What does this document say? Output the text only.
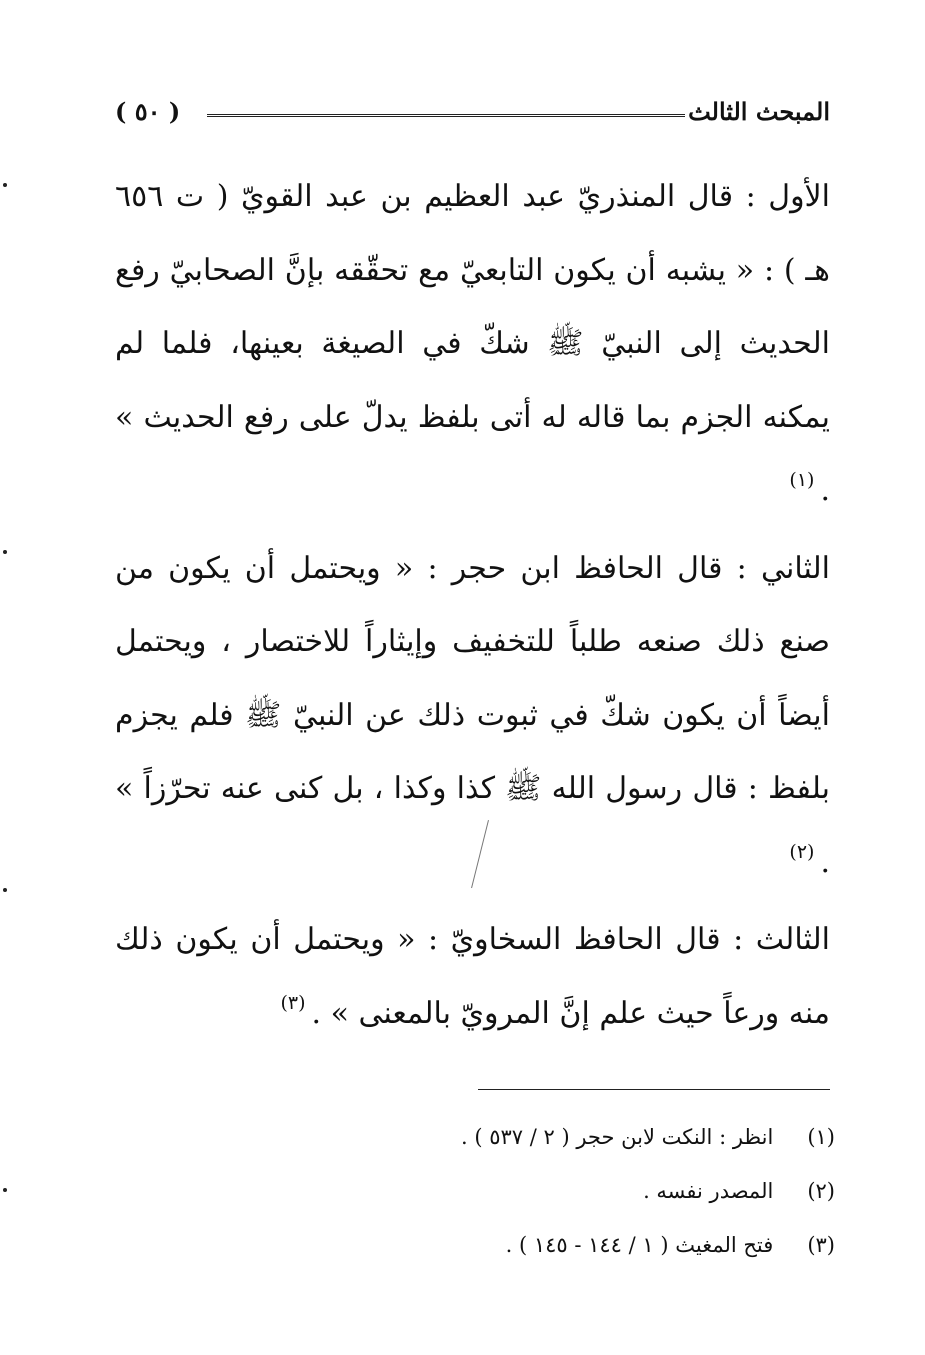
المبحث الثالث
( ٥٠ )

الأول : قال المنذريّ عبد العظيم بن عبد القويّ ( ت ٦٥٦ هـ ) : « يشبه أن يكون التابعيّ مع تحقّقه بإنَّ الصحابيّ رفع الحديث إلى النبيّ ﷺ شكّ في الصيغة بعينها، فلما لم يمكنه الجزم بما قاله له أتى بلفظ يدلّ على رفع الحديث » .$^{(١)}$

الثاني : قال الحافظ ابن حجر : « ويحتمل أن يكون من صنع ذلك صنعه طلباً للتخفيف وإيثاراً للاختصار ، ويحتمل أيضاً أن يكون شكّ في ثبوت ذلك عن النبيّ ﷺ فلم يجزم بلفظ : قال رسول الله ﷺ كذا وكذا ، بل كنى عنه تحرّزاً » .$^{(٢)}$

الثالث : قال الحافظ السخاويّ : « ويحتمل أن يكون ذلك منه ورعاً حيث علم إنَّ المرويّ بالمعنى » .$^{(٣)}$

(١) انظر : النكت لابن حجر ( ٢ / ٥٣٧ ) .
(٢) المصدر نفسه .
(٣) فتح المغيث ( ١ / ١٤٤ - ١٤٥ ) .
